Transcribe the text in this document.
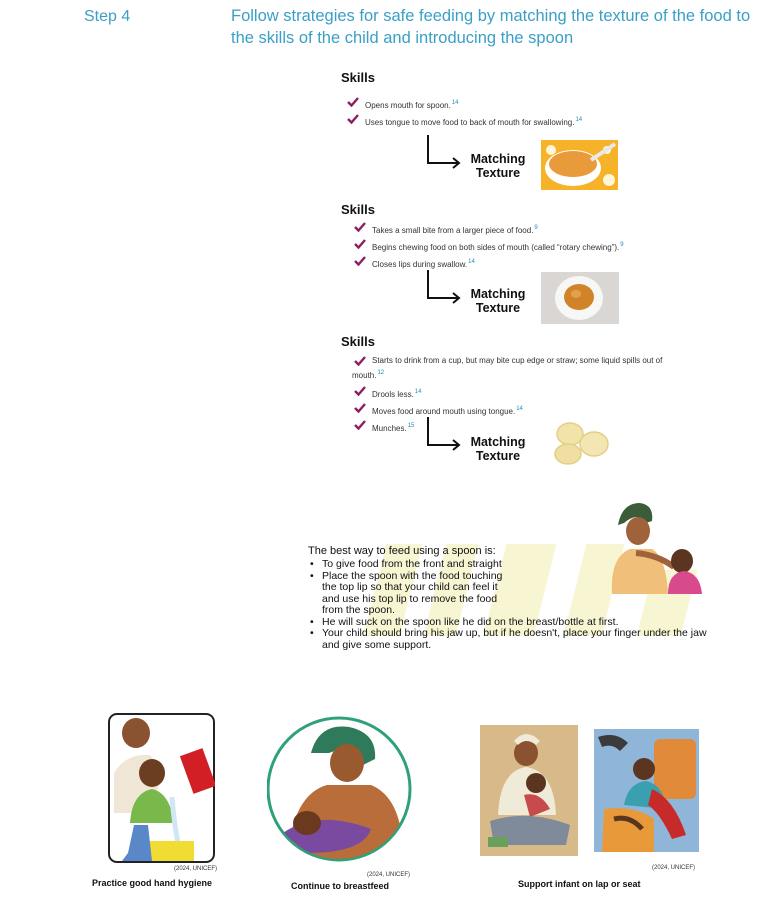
Step 4	Follow strategies for safe feeding by matching the texture of the food to the skills of the child and introducing the spoon
Skills
Opens mouth for spoon.$^{14}$
Uses tongue to move food to back of mouth for swallowing.$^{14}$
Matching
Texture
Skills
Takes a small bite from a larger piece of food.$^9$
Begins chewing food on both sides of mouth (called “rotary chewing”).$^9$
Closes lips during swallow.$^{14}$
Matching
Texture
Skills
Starts to drink from a cup, but may bite cup edge or straw; some liquid spills out of mouth.$^{12}$
Drools less.$^{14}$
Moves food around mouth using tongue.$^{14}$
Munches.$^{15}$
Matching
Texture
The best way to feed using a spoon is:
• To give food from the front and straight
• Place the spoon with the food touching the top lip so that your child can feel it and use his top lip to remove the food from the spoon.
• He will suck on the spoon like he did on the breast/bottle at first.
• Your child should bring his jaw up, but if he doesn't, place your finger under the jaw and give some support.
(2024, UNICEF)
Practice good hand hygiene
(2024, UNICEF)
Continue to breastfeed
(2024, UNICEF)
Support infant on lap or seat
